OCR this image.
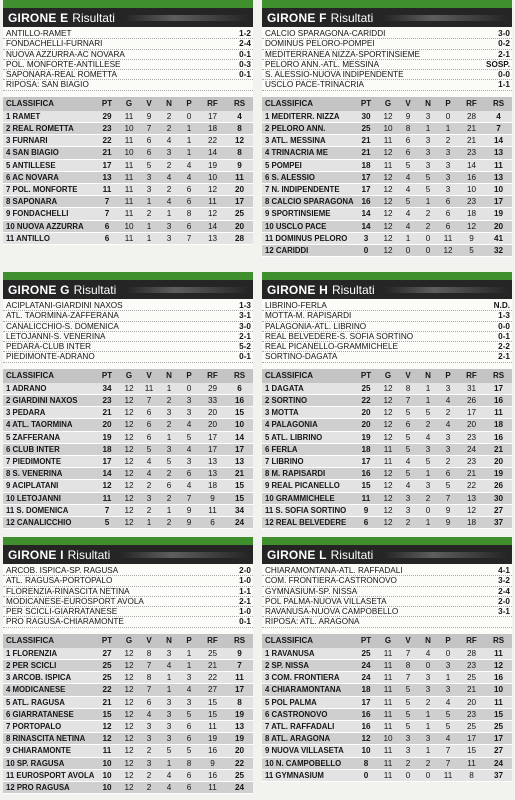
GIRONE E Risultati
ANTILLO-RAMET	1-2
FONDACHELLI-FURNARI	2-4
NUOVA AZZURRA-AC NOVARA	0-1
POL. MONFORTE-ANTILLESE	0-3
SAPONARA-REAL ROMETTA	0-1
RIPOSA: SAN BIAGIO
CLASSIFICA	PT	G	V	N	P	RF	RS
1 RAMET	29	11	9	2	0	17	4
2 REAL ROMETTA	23	10	7	2	1	18	8
3 FURNARI	22	11	6	4	1	22	12
4 SAN BIAGIO	21	10	6	3	1	14	8
5 ANTILLESE	17	11	5	2	4	19	9
6 AC NOVARA	13	11	3	4	4	10	11
7 POL. MONFORTE	11	11	3	2	6	12	20
8 SAPONARA	7	11	1	4	6	11	17
9 FONDACHELLI	7	11	2	1	8	12	25
10 NUOVA AZZURRA	6	10	1	3	6	14	20
11 ANTILLO	6	11	1	3	7	13	28
GIRONE F Risultati
CALCIO SPARAGONA-CARIDDI	3-0
DOMINUS PELORO-POMPEI	0-2
MEDITERRANEA NIZZA-SPORTINSIEME	2-1
PELORO ANN.-ATL. MESSINA	SOSP.
S. ALESSIO-NUOVA INDIPENDENTE	0-0
USCLO PACE-TRINACRIA	1-1
CLASSIFICA	PT	G	V	N	P	RF	RS
1 MEDITERR. NIZZA	30	12	9	3	0	28	4
2 PELORO ANN.	25	10	8	1	1	21	7
3 ATL. MESSINA	21	11	6	3	2	21	14
4 TRINACRIA ME	21	12	6	3	3	23	13
5 POMPEI	18	11	5	3	3	14	11
6 S. ALESSIO	17	12	4	5	3	16	13
7 N. INDIPENDENTE	17	12	4	5	3	10	10
8 CALCIO SPARAGONA	16	12	5	1	6	23	17
9 SPORTINSIEME	14	12	4	2	6	18	19
10 USCLO PACE	14	12	4	2	6	12	20
11 DOMINUS PELORO	3	12	1	0	11	9	41
12 CARIDDI	0	12	0	0	12	5	32
GIRONE G Risultati
ACIPLATANI-GIARDINI NAXOS	1-3
ATL. TAORMINA-ZAFFERANA	3-1
CANALICCHIO-S. DOMENICA	3-0
LETOJANNI-S. VENERINA	2-1
PEDARA-CLUB INTER	5-2
PIEDIMONTE-ADRANO	0-1
CLASSIFICA	PT	G	V	N	P	RF	RS
1 ADRANO	34	12	11	1	0	29	6
2 GIARDINI NAXOS	23	12	7	2	3	33	16
3 PEDARA	21	12	6	3	3	20	15
4 ATL. TAORMINA	20	12	6	2	4	20	10
5 ZAFFERANA	19	12	6	1	5	17	14
6 CLUB INTER	18	12	5	3	4	17	17
7 PIEDIMONTE	17	12	4	5	3	13	13
8 S. VENERINA	14	12	4	2	6	13	21
9 ACIPLATANI	12	12	2	6	4	18	15
10 LETOJANNI	11	12	3	2	7	9	15
11 S. DOMENICA	7	12	2	1	9	11	34
12 CANALICCHIO	5	12	1	2	9	6	24
GIRONE H Risultati
LIBRINO-FERLA	N.D.
MOTTA-M. RAPISARDI	1-3
PALAGONIA-ATL. LIBRINO	0-0
REAL BELVEDERE-S. SOFIA SORTINO	0-1
REAL PICANELLO-GRAMMICHELE	2-2
SORTINO-DAGATA	2-1
CLASSIFICA	PT	G	V	N	P	RF	RS
1 DAGATA	25	12	8	1	3	31	17
2 SORTINO	22	12	7	1	4	26	16
3 MOTTA	20	12	5	5	2	17	11
4 PALAGONIA	20	12	6	2	4	20	18
5 ATL. LIBRINO	19	12	5	4	3	23	16
6 FERLA	18	11	5	3	3	24	21
7 LIBRINO	17	11	4	5	2	23	20
8 M. RAPISARDI	16	12	5	1	6	21	19
9 REAL PICANELLO	15	12	4	3	5	22	26
10 GRAMMICHELE	11	12	3	2	7	13	30
11 S. SOFIA SORTINO	9	12	3	0	9	12	27
12 REAL BELVEDERE	6	12	2	1	9	18	37
GIRONE I Risultati
ARCOB. ISPICA-SP. RAGUSA	2-0
ATL. RAGUSA-PORTOPALO	1-0
FLORENZIA-RINASCITA NETINA	1-1
MODICANESE-EUROSPORT AVOLA	2-1
PER SCICLI-GIARRATANESE	1-0
PRO RAGUSA-CHIARAMONTE	0-1
CLASSIFICA	PT	G	V	N	P	RF	RS
1 FLORENZIA	27	12	8	3	1	25	9
2 PER SCICLI	25	12	7	4	1	21	7
3 ARCOB. ISPICA	25	12	8	1	3	22	11
4 MODICANESE	22	12	7	1	4	27	17
5 ATL. RAGUSA	21	12	6	3	3	15	8
6 GIARRATANESE	15	12	4	3	5	15	19
7 PORTOPALO	12	12	3	3	6	11	13
8 RINASCITA NETINA	12	12	3	3	6	19	19
9 CHIARAMONTE	11	12	2	5	5	16	20
10 SP. RAGUSA	10	12	3	1	8	9	22
11 EUROSPORT AVOLA	10	12	2	4	6	16	25
12 PRO RAGUSA	10	12	2	4	6	11	24
GIRONE L Risultati
CHIARAMONTANA-ATL. RAFFADALI	4-1
COM. FRONTIERA-CASTRONOVO	3-2
GYMNASIUM-SP. NISSA	2-4
POL PALMA-NUOVA VILLASETA	2-0
RAVANUSA-NUOVA CAMPOBELLO	3-1
RIPOSA: ATL. ARAGONA
CLASSIFICA	PT	G	V	N	P	RF	RS
1 RAVANUSA	25	11	7	4	0	28	11
2 SP. NISSA	24	11	8	0	3	23	12
3 COM. FRONTIERA	24	11	7	3	1	25	16
4 CHIARAMONTANA	18	11	5	3	3	21	10
5 POL PALMA	17	11	5	2	4	20	11
6 CASTRONOVO	16	11	5	1	5	23	15
7 ATL. RAFFADALI	16	11	5	1	5	25	25
8 ATL. ARAGONA	12	10	3	3	4	17	17
9 NUOVA VILLASETA	10	11	3	1	7	15	27
10 N. CAMPOBELLO	8	11	2	2	7	11	24
11 GYMNASIUM	0	11	0	0	11	8	37
